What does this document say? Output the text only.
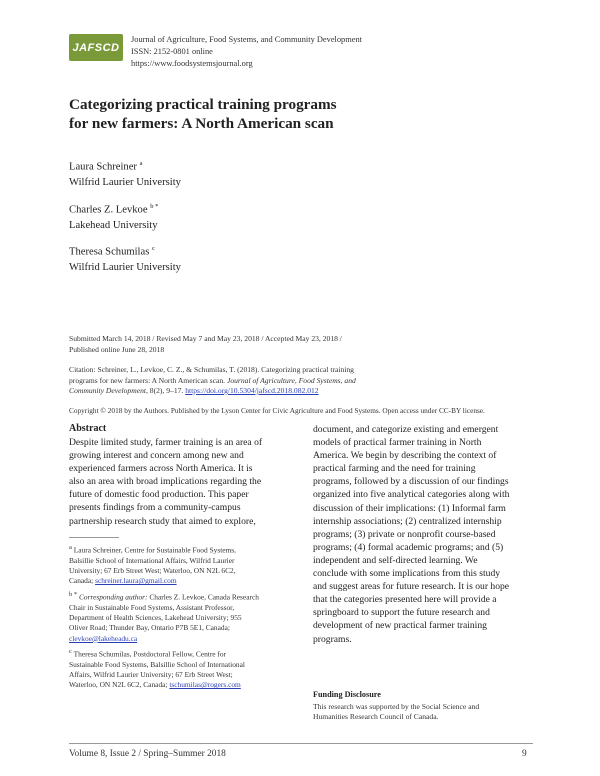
JAFSCD
Journal of Agriculture, Food Systems, and Community Development
ISSN: 2152-0801 online
https://www.foodsystemsjournal.org
Categorizing practical training programs
for new farmers: A North American scan
Laura Schreiner $^a$
Wilfrid Laurier University
Charles Z. Levkoe $^{b *}$
Lakehead University
Theresa Schumilas $^c$
Wilfrid Laurier University
Submitted March 14, 2018 / Revised May 7 and May 23, 2018 / Accepted May 23, 2018 /
Published online June 28, 2018
Citation: Schreiner, L., Levkoe, C. Z., & Schumilas, T. (2018). Categorizing practical training
programs for new farmers: A North American scan. Journal of Agriculture, Food Systems, and
Community Development, 8(2), 9–17. https://doi.org/10.5304/jafscd.2018.082.012
Copyright © 2018 by the Authors. Published by the Lyson Center for Civic Agriculture and Food Systems. Open access under CC-BY license.
Abstract
Despite limited study, farmer training is an area of
growing interest and concern among new and
experienced farmers across North America. It is
also an area with broad implications regarding the
future of domestic food production. This paper
presents findings from a community-campus
partnership research study that aimed to explore,
document, and categorize existing and emergent
models of practical farmer training in North
America. We begin by describing the context of
practical farming and the need for training
programs, followed by a discussion of our findings
organized into five analytical categories along with
discussion of their implications: (1) Informal farm
internship associations; (2) centralized internship
programs; (3) private or nonprofit course-based
programs; (4) formal academic programs; and (5)
independent and self-directed learning. We
conclude with some implications from this study
and suggest areas for future research. It is our hope
that the categories presented here will provide a
springboard to support the future research and
development of new practical farmer training
programs.
$^a$ Laura Schreiner, Centre for Sustainable Food Systems,
Balsillie School of International Affairs, Wilfrid Laurier
University; 67 Erb Street West; Waterloo, ON N2L 6C2,
Canada; schreiner.laura@gmail.com
$^{b *}$ Corresponding author: Charles Z. Levkoe, Canada Research
Chair in Sustainable Food Systems, Assistant Professor,
Department of Health Sciences, Lakehead University; 955
Oliver Road; Thunder Bay, Ontario P7B 5E1, Canada;
clevkoe@lakeheadu.ca
$^c$ Theresa Schumilas, Postdoctoral Fellow, Centre for
Sustainable Food Systems, Balsillie School of International
Affairs, Wilfrid Laurier University; 67 Erb Street West;
Waterloo, ON N2L 6C2, Canada; tschumilas@rogers.com
Funding Disclosure
This research was supported by the Social Science and
Humanities Research Council of Canada.
Volume 8, Issue 2 / Spring–Summer 2018	9
